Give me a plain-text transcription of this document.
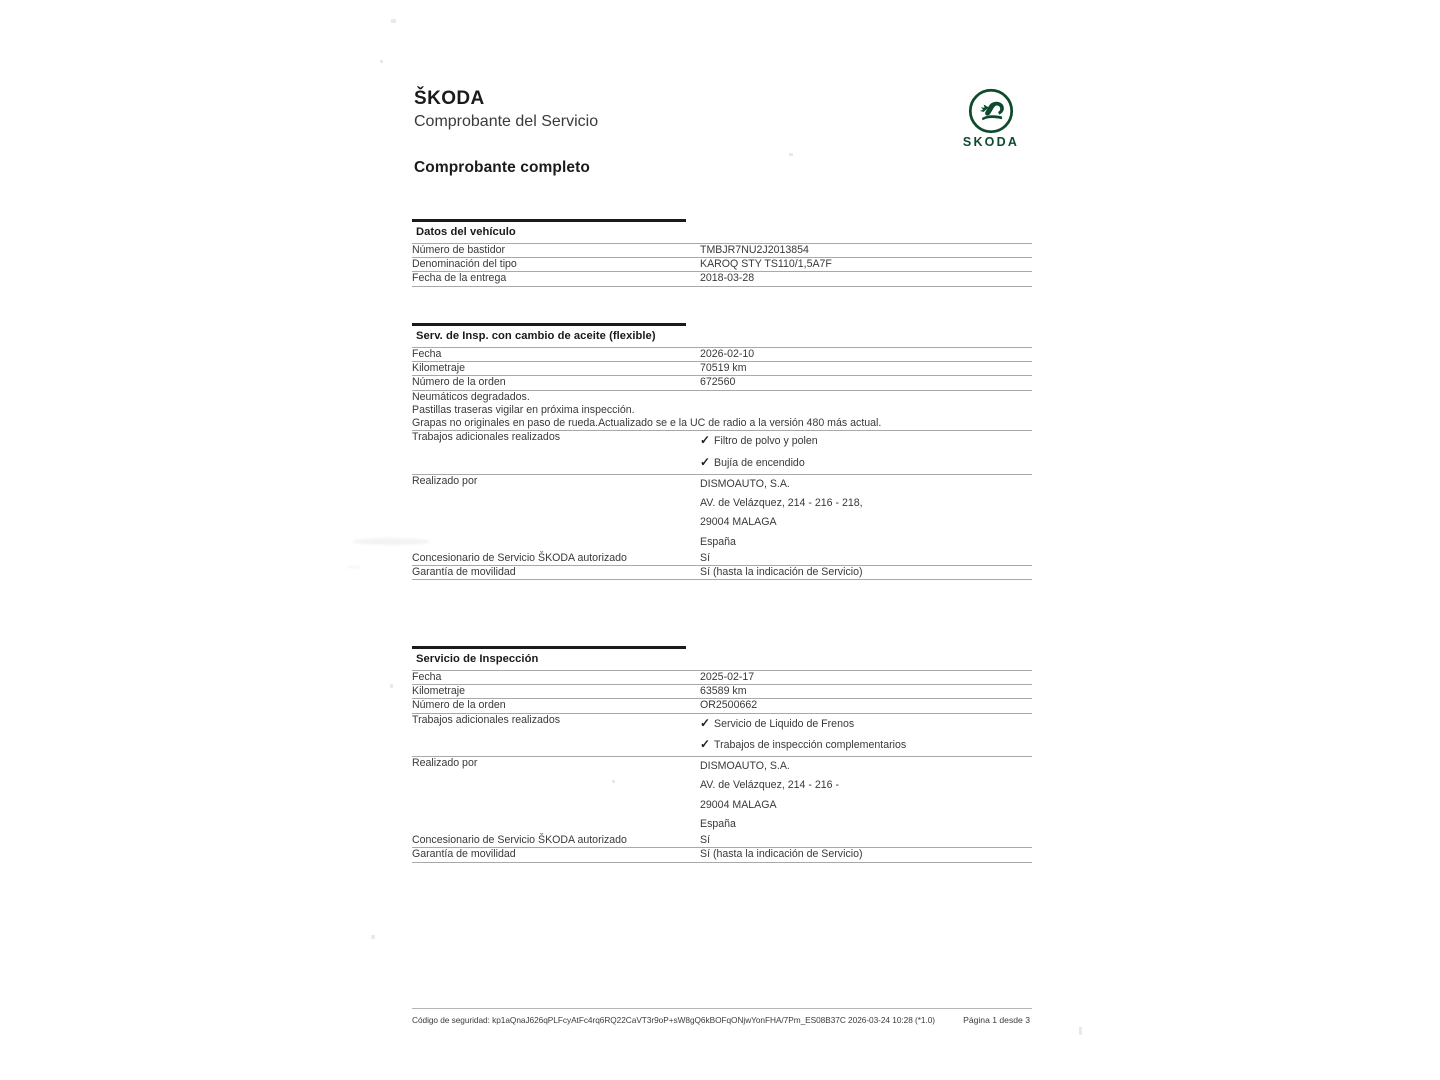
ŠKODA
Comprobante del Servicio
Comprobante completo
SKODA
Datos del vehículo
Número de bastidor	TMBJR7NU2J2013854
Denominación del tipo	KAROQ STY TS110/1,5A7F
Fecha de la entrega	2018-03-28
Serv. de Insp. con cambio de aceite (flexible)
Fecha	2026-02-10
Kilometraje	70519 km
Número de la orden	672560
Neumáticos degradados.	
Pastillas traseras vigilar en próxima inspección.	
Grapas no originales en paso de rueda.Actualizado se e la UC de radio a la versión 480 más actual.	
Trabajos adicionales realizados	✓ Filtro de polvo y polen
✓ Bujía de encendido

Realizado por	DISMOAUTO, S.A.
AV. de Velázquez, 214 - 216 - 218,
29004 MALAGA
España

Concesionario de Servicio ŠKODA autorizado	Sí
Garantía de movilidad	Sí (hasta la indicación de Servicio)
Servicio de Inspección
Fecha	2025-02-17
Kilometraje	63589 km
Número de la orden	OR2500662
Trabajos adicionales realizados	✓ Servicio de Liquido de Frenos
✓ Trabajos de inspección complementarios

Realizado por	DISMOAUTO, S.A.
AV. de Velázquez, 214 - 216 -
29004 MALAGA
España

Concesionario de Servicio ŠKODA autorizado	Sí
Garantía de movilidad	Sí (hasta la indicación de Servicio)
Código de seguridad: kp1aQnaJ626qPLFcyAtFc4rq6RQ22CaVT3r9oP+sW8gQ6kBOFqONjwYonFHA/7Pm_ES08B37C 2026-03-24 10:28 (*1.0)	Página 1 desde 3
